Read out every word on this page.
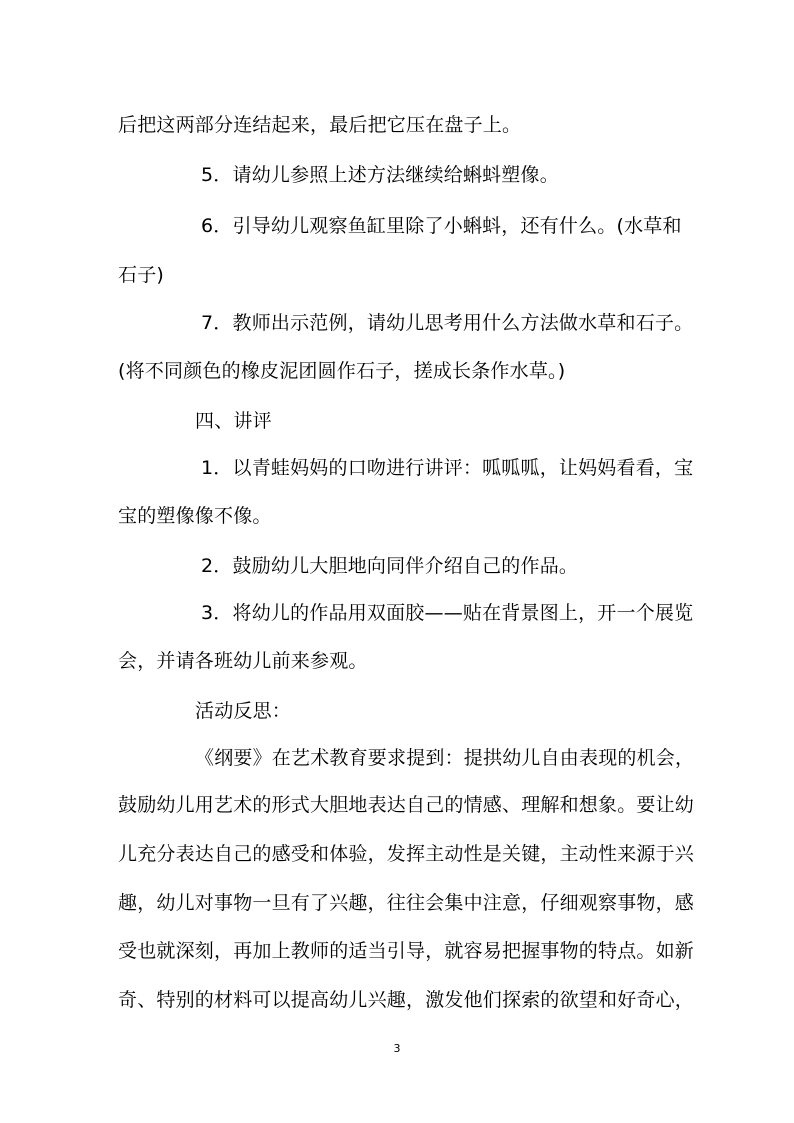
后把这两部分连结起来，最后把它压在盘子上。

5．请幼儿参照上述方法继续给蝌蚪塑像。

6．引导幼儿观察鱼缸里除了小蝌蚪，还有什么。(水草和

石子)

7．教师出示范例，请幼儿思考用什么方法做水草和石子。

(将不同颜色的橡皮泥团圆作石子，搓成长条作水草。)

四、讲评

1．以青蛙妈妈的口吻进行讲评：呱呱呱，让妈妈看看，宝

宝的塑像像不像。

2．鼓励幼儿大胆地向同伴介绍自己的作品。

3．将幼儿的作品用双面胶——贴在背景图上，开一个展览

会，并请各班幼儿前来参观。

活动反思：

《纲要》在艺术教育要求提到：提拱幼儿自由表现的机会，

鼓励幼儿用艺术的形式大胆地表达自己的情感、理解和想象。要让幼

儿充分表达自己的感受和体验，发挥主动性是关键，主动性来源于兴

趣，幼儿对事物一旦有了兴趣，往往会集中注意，仔细观察事物，感

受也就深刻，再加上教师的适当引导，就容易把握事物的特点。如新

奇、特别的材料可以提高幼儿兴趣，激发他们探索的欲望和好奇心，

3
